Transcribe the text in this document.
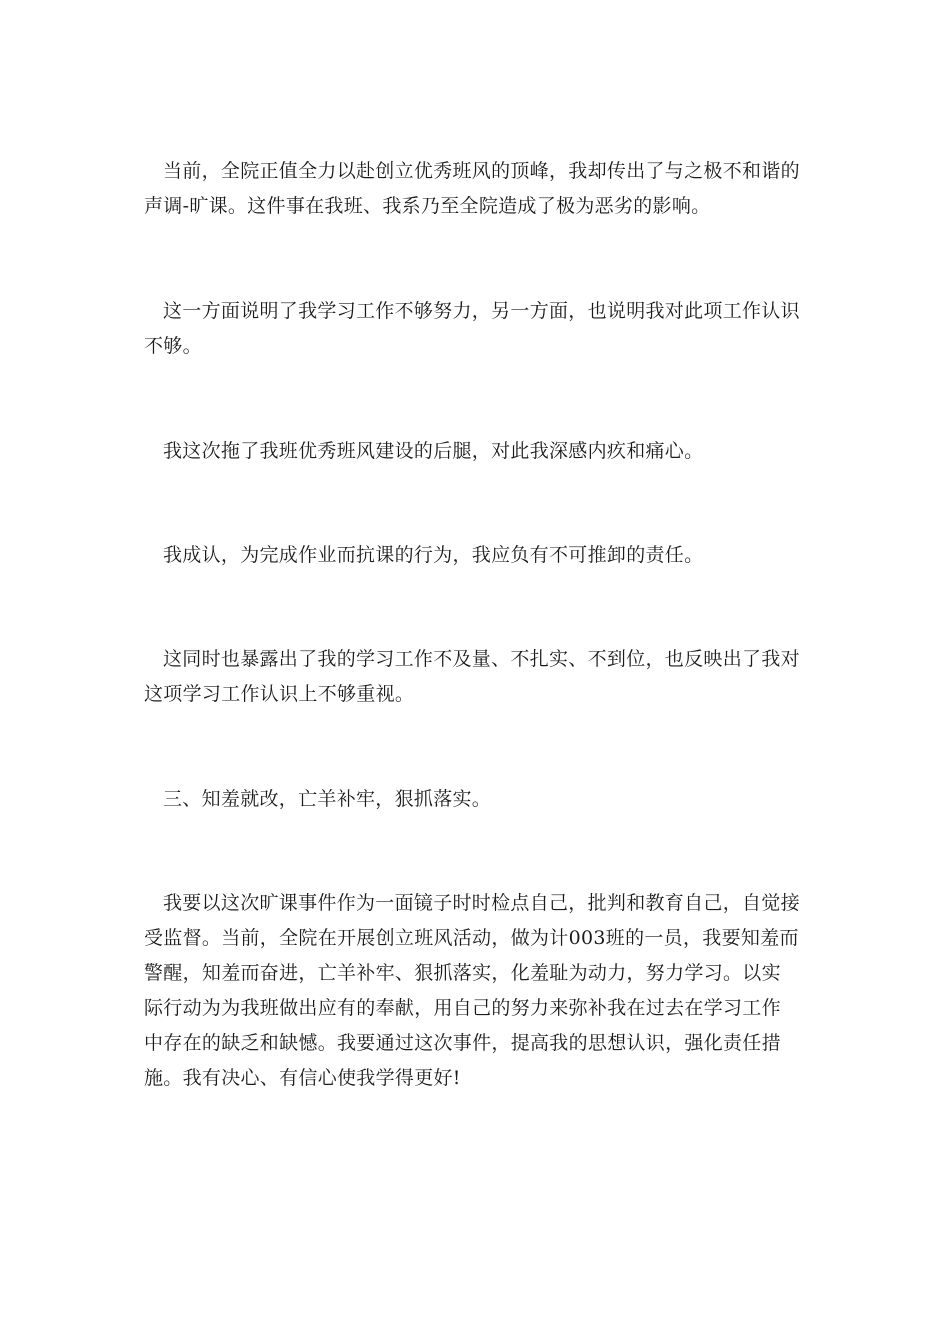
当前，全院正值全力以赴创立优秀班风的顶峰，我却传出了与之极不和谐的声调-旷课。这件事在我班、我系乃至全院造成了极为恶劣的影响。

这一方面说明了我学习工作不够努力，另一方面，也说明我对此项工作认识不够。

我这次拖了我班优秀班风建设的后腿，对此我深感内疚和痛心。

我成认，为完成作业而抗课的行为，我应负有不可推卸的责任。

这同时也暴露出了我的学习工作不及量、不扎实、不到位，也反映出了我对这项学习工作认识上不够重视。

三、知羞就改，亡羊补牢，狠抓落实。

我要以这次旷课事件作为一面镜子时时检点自己，批判和教育自己，自觉接受监督。当前，全院在开展创立班风活动，做为计003班的一员，我要知羞而警醒，知羞而奋进，亡羊补牢、狠抓落实，化羞耻为动力，努力学习。以实际行动为为我班做出应有的奉献，用自己的努力来弥补我在过去在学习工作中存在的缺乏和缺憾。我要通过这次事件，提高我的思想认识，强化责任措施。我有决心、有信心使我学得更好!
